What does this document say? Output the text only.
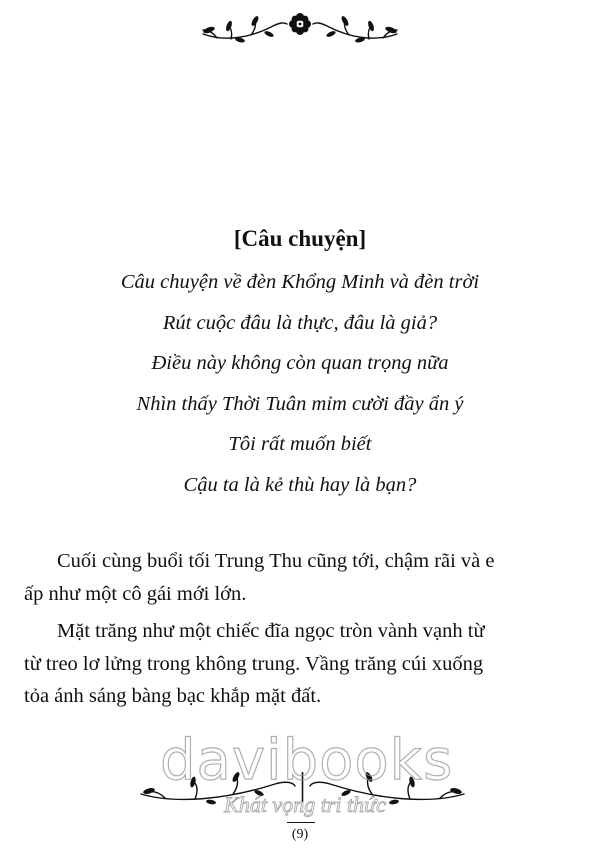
[Câu chuyện]
Câu chuyện về đèn Khổng Minh và đèn trời
Rút cuộc đâu là thực, đâu là giả?
Điều này không còn quan trọng nữa
Nhìn thấy Thời Tuân mỉm cười đầy ẩn ý
Tôi rất muốn biết
Cậu ta là kẻ thù hay là bạn?
Cuối cùng buổi tối Trung Thu cũng tới, chậm rãi và e
ấp như một cô gái mới lớn.
Mặt trăng như một chiếc đĩa ngọc tròn vành vạnh từ
từ treo lơ lửng trong không trung. Vầng trăng cúi xuống
tỏa ánh sáng bàng bạc khắp mặt đất.
davibooks
Khát vọng tri thức
(9)
